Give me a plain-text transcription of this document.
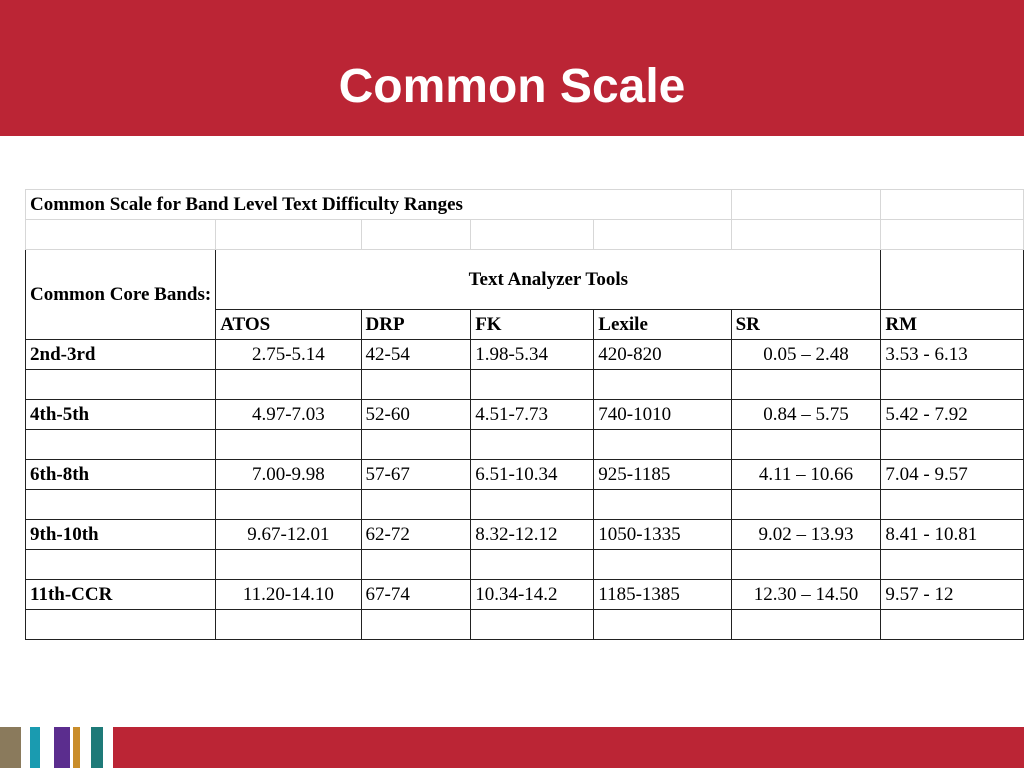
Common Scale
Common Scale for Band Level Text Difficulty Ranges						

Common Core Bands:	Text Analyzer Tools					
	ATOS	DRP	FK	Lexile	SR	RM
2nd-3rd	2.75-5.14	42-54	1.98-5.34	420-820	0.05 – 2.48	3.53 - 6.13

4th-5th	4.97-7.03	52-60	4.51-7.73	740-1010	0.84 – 5.75	5.42 - 7.92

6th-8th	7.00-9.98	57-67	6.51-10.34	925-1185	4.11 – 10.66	7.04 - 9.57

9th-10th	9.67-12.01	62-72	8.32-12.12	1050-1335	9.02 – 13.93	8.41 - 10.81

11th-CCR	11.20-14.10	67-74	10.34-14.2	1185-1385	12.30 – 14.50	9.57 - 12
